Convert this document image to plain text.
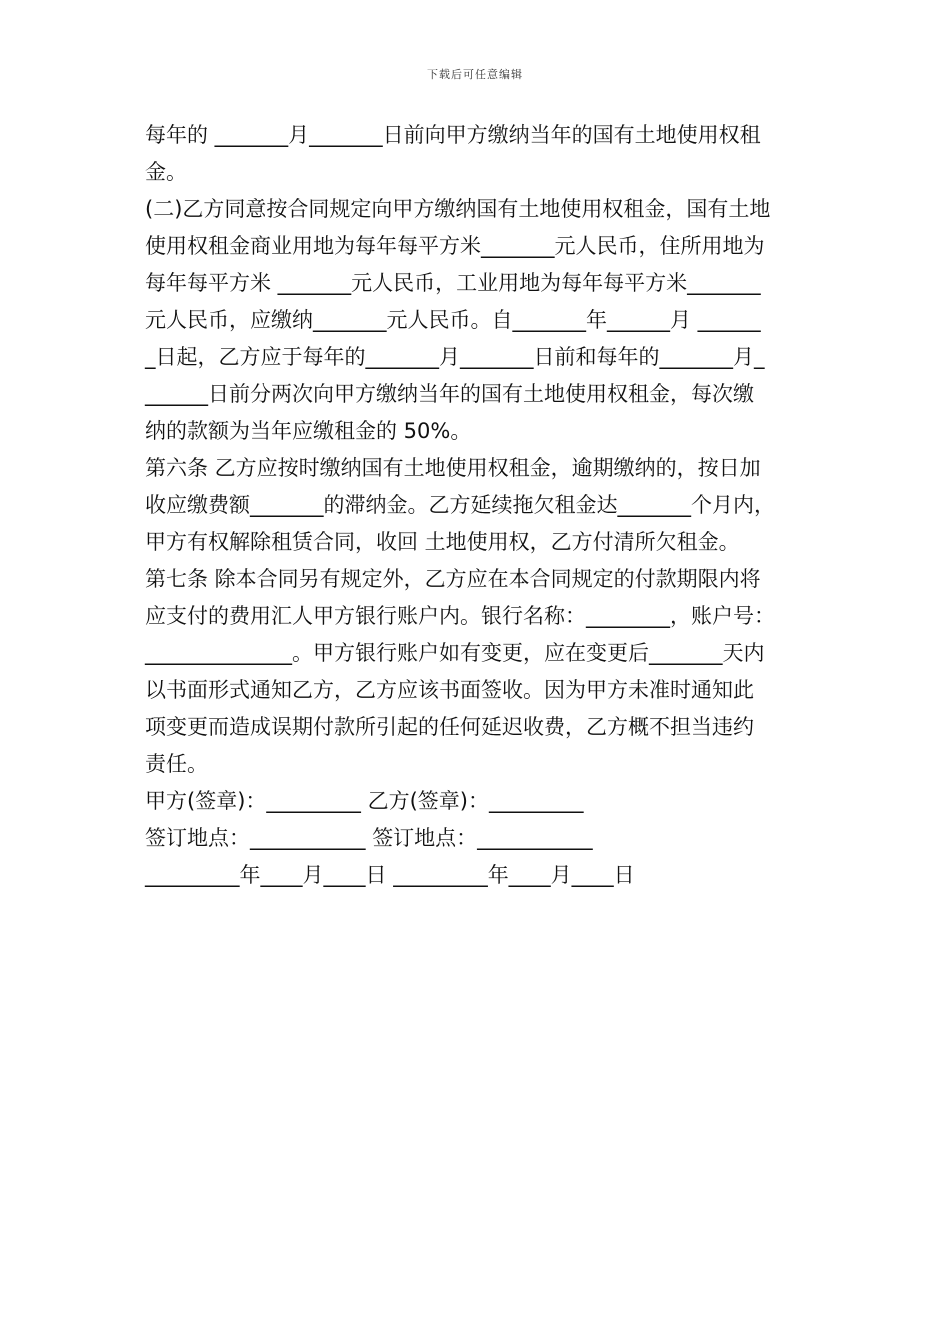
下载后可任意编辑
每年的 _______月_______日前向甲方缴纳当年的国有土地使用权租
金。
(二)乙方同意按合同规定向甲方缴纳国有土地使用权租金，国有土地
使用权租金商业用地为每年每平方米_______元人民币，住所用地为
每年每平方米 _______元人民币，工业用地为每年每平方米_______
元人民币，应缴纳_______元人民币。自_______年______月 ______
_日起，乙方应于每年的_______月_______日前和每年的_______月_
______日前分两次向甲方缴纳当年的国有土地使用权租金，每次缴
纳的款额为当年应缴租金的 50%。
第六条 乙方应按时缴纳国有土地使用权租金，逾期缴纳的，按日加
收应缴费额_______的滞纳金。乙方延续拖欠租金达_______个月内，
甲方有权解除租赁合同，收回 土地使用权，乙方付清所欠租金。
第七条 除本合同另有规定外，乙方应在本合同规定的付款期限内将
应支付的费用汇人甲方银行账户内。银行名称：________，账户号：
______________。甲方银行账户如有变更，应在变更后_______天内
以书面形式通知乙方，乙方应该书面签收。因为甲方未准时通知此
项变更而造成误期付款所引起的任何延迟收费，乙方概不担当违约
责任。
甲方(签章)：_________ 乙方(签章)：_________
签订地点：___________ 签订地点：___________
_________年____月____日 _________年____月____日
